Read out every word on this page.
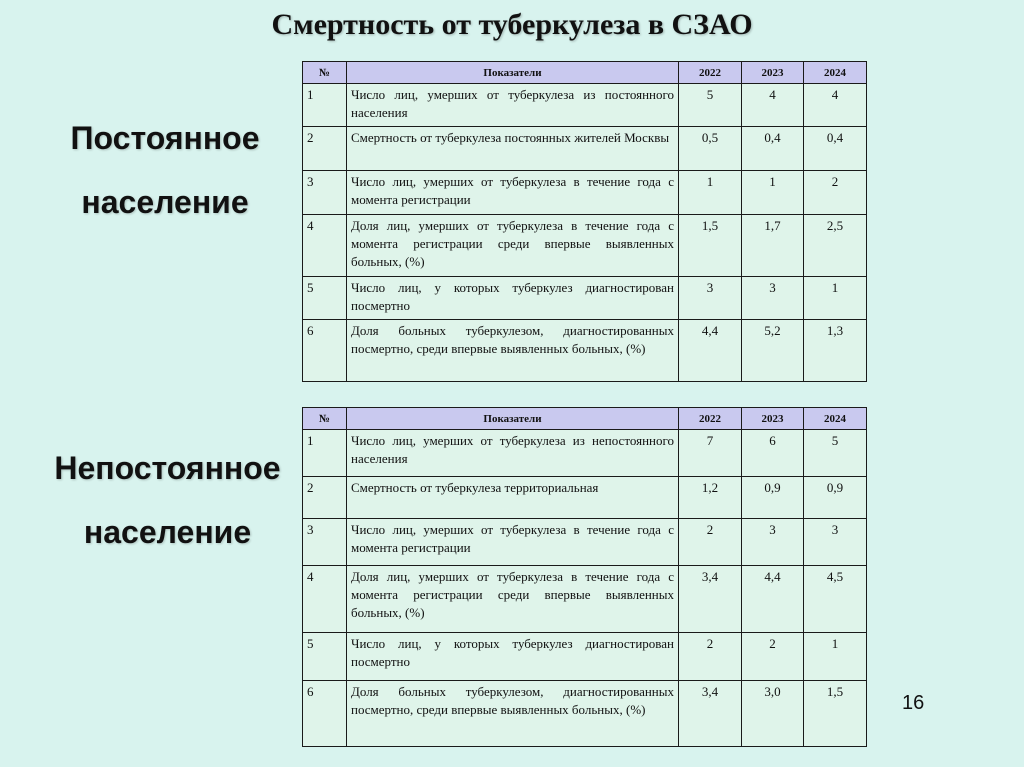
Смертность от туберкулеза в СЗАО
Постоянное
население
Непостоянное
население
№	Показатели	2022	2023	2024
1	Число лиц, умерших от туберкулеза из постоянного населения	5	4	4
2	Смертность от туберкулеза постоянных жителей Москвы	0,5	0,4	0,4
3	Число лиц, умерших от туберкулеза в течение года с момента регистрации	1	1	2
4	Доля лиц, умерших от туберкулеза в течение года с момента регистрации среди впервые выявленных больных, (%)	1,5	1,7	2,5
5	Число лиц, у которых туберкулез диагностирован посмертно	3	3	1
6	Доля больных туберкулезом, диагностированных посмертно, среди впервые выявленных больных, (%)	4,4	5,2	1,3
№	Показатели	2022	2023	2024
1	Число лиц, умерших от туберкулеза из непостоянного населения	7	6	5
2	Смертность от туберкулеза территориальная	1,2	0,9	0,9
3	Число лиц, умерших от туберкулеза в течение года с момента регистрации	2	3	3
4	Доля лиц, умерших от туберкулеза в течение года с момента регистрации среди впервые выявленных больных, (%)	3,4	4,4	4,5
5	Число лиц, у которых туберкулез диагностирован посмертно	2	2	1
6	Доля больных туберкулезом, диагностированных посмертно, среди впервые выявленных больных, (%)	3,4	3,0	1,5
16
